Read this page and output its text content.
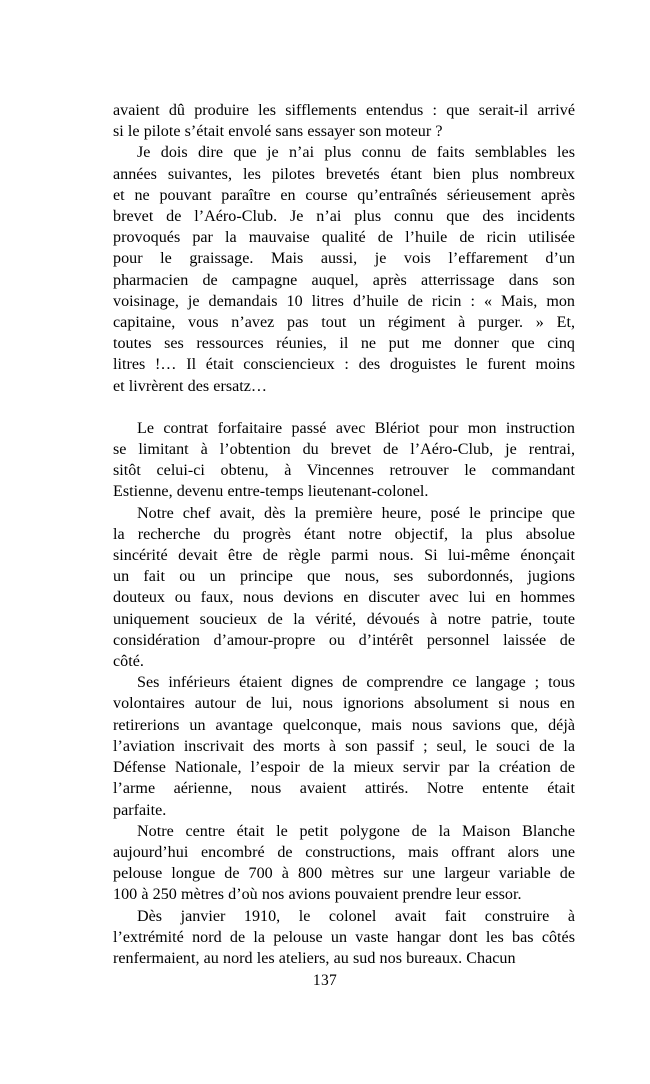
avaient dû produire les sifflements entendus : que serait-il arrivé
si le pilote s’était envolé sans essayer son moteur ?

Je dois dire que je n’ai plus connu de faits semblables les
années suivantes, les pilotes brevetés étant bien plus nombreux
et ne pouvant paraître en course qu’entraînés sérieusement après
brevet de l’Aéro-Club. Je n’ai plus connu que des incidents
provoqués par la mauvaise qualité de l’huile de ricin utilisée
pour le graissage. Mais aussi, je vois l’effarement d’un
pharmacien de campagne auquel, après atterrissage dans son
voisinage, je demandais 10 litres d’huile de ricin : « Mais, mon
capitaine, vous n’avez pas tout un régiment à purger. » Et,
toutes ses ressources réunies, il ne put me donner que cinq
litres !… Il était consciencieux : des droguistes le furent moins
et livrèrent des ersatz…

Le contrat forfaitaire passé avec Blériot pour mon instruction
se limitant à l’obtention du brevet de l’Aéro-Club, je rentrai,
sitôt celui-ci obtenu, à Vincennes retrouver le commandant
Estienne, devenu entre-temps lieutenant-colonel.

Notre chef avait, dès la première heure, posé le principe que
la recherche du progrès étant notre objectif, la plus absolue
sincérité devait être de règle parmi nous. Si lui-même énonçait
un fait ou un principe que nous, ses subordonnés, jugions
douteux ou faux, nous devions en discuter avec lui en hommes
uniquement soucieux de la vérité, dévoués à notre patrie, toute
considération d’amour-propre ou d’intérêt personnel laissée de
côté.

Ses inférieurs étaient dignes de comprendre ce langage ; tous
volontaires autour de lui, nous ignorions absolument si nous en
retirerions un avantage quelconque, mais nous savions que, déjà
l’aviation inscrivait des morts à son passif ; seul, le souci de la
Défense Nationale, l’espoir de la mieux servir par la création de
l’arme aérienne, nous avaient attirés. Notre entente était
parfaite.

Notre centre était le petit polygone de la Maison Blanche
aujourd’hui encombré de constructions, mais offrant alors une
pelouse longue de 700 à 800 mètres sur une largeur variable de
100 à 250 mètres d’où nos avions pouvaient prendre leur essor.

Dès janvier 1910, le colonel avait fait construire à
l’extrémité nord de la pelouse un vaste hangar dont les bas côtés
renfermaient, au nord les ateliers, au sud nos bureaux. Chacun

137
